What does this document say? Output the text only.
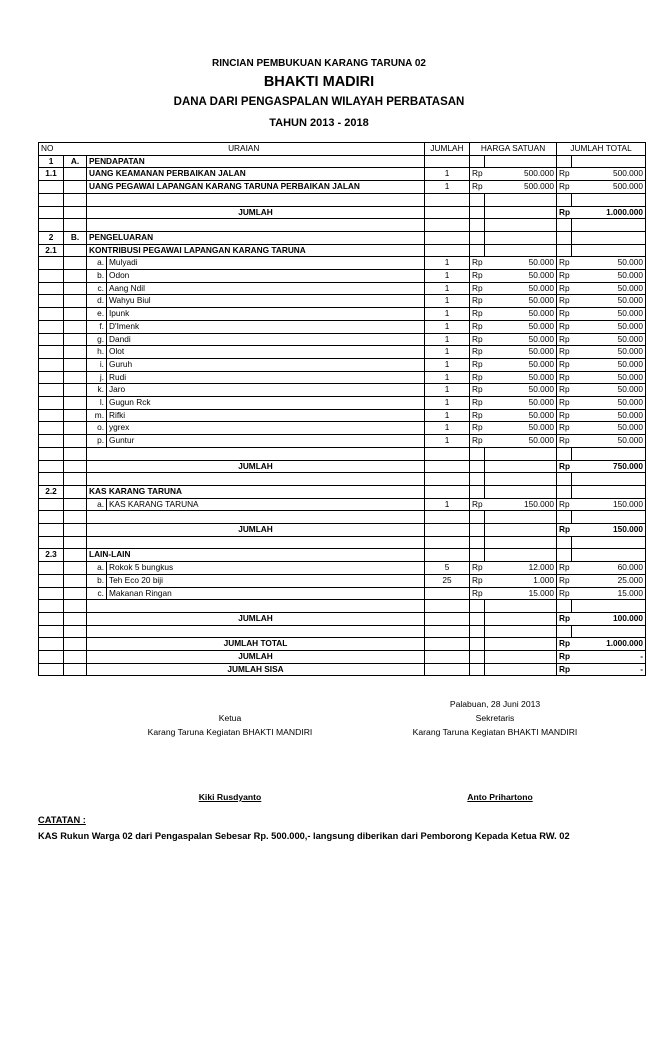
RINCIAN PEMBUKUAN KARANG TARUNA 02
BHAKTI MADIRI
DANA DARI PENGASPALAN WILAYAH PERBATASAN
TAHUN 2013 - 2018
NO	URAIAN			JUMLAH	HARGA SATUAN		JUMLAH TOTAL	
1	A.	PENDAPATAN						
1.1		UANG KEAMANAN PERBAIKAN JALAN		1	Rp	500.000	Rp	500.000
		UANG PEGAWAI LAPANGAN KARANG TARUNA PERBAIKAN JALAN		1	Rp	500.000	Rp	500.000

		JUMLAH					Rp	1.000.000

2	B.	PENGELUARAN						
2.1		KONTRIBUSI PEGAWAI LAPANGAN KARANG TARUNA						
		a.	Mulyadi	1	Rp	50.000	Rp	50.000
		b.	Odon	1	Rp	50.000	Rp	50.000
		c.	Aang Ndil	1	Rp	50.000	Rp	50.000
		d.	Wahyu Biul	1	Rp	50.000	Rp	50.000
		e.	Ipunk	1	Rp	50.000	Rp	50.000
		f.	D'Imenk	1	Rp	50.000	Rp	50.000
		g.	Dandi	1	Rp	50.000	Rp	50.000
		h.	Olot	1	Rp	50.000	Rp	50.000
		i.	Guruh	1	Rp	50.000	Rp	50.000
		j.	Rudi	1	Rp	50.000	Rp	50.000
		k.	Jaro	1	Rp	50.000	Rp	50.000
		l.	Gugun Rck	1	Rp	50.000	Rp	50.000
		m.	Rifki	1	Rp	50.000	Rp	50.000
		o.	ygrex	1	Rp	50.000	Rp	50.000
		p.	Guntur	1	Rp	50.000	Rp	50.000

		JUMLAH					Rp	750.000

2.2		KAS KARANG TARUNA						
		a.	KAS KARANG TARUNA	1	Rp	150.000	Rp	150.000

		JUMLAH					Rp	150.000

2.3		LAIN-LAIN						
		a.	Rokok 5 bungkus	5	Rp	12.000	Rp	60.000
		b.	Teh Eco 20 biji	25	Rp	1.000	Rp	25.000
		c.	Makanan Ringan		Rp	15.000	Rp	15.000

		JUMLAH					Rp	100.000

		JUMLAH TOTAL					Rp	1.000.000
		JUMLAH					Rp	-
		JUMLAH SISA					Rp	-
Palabuan, 28 Juni 2013
Ketua	Sekretaris
Karang Taruna Kegiatan BHAKTI MANDIRI	Karang Taruna Kegiatan BHAKTI MANDIRI
Kiki Rusdyanto	Anto Prihartono
CATATAN :
KAS Rukun Warga 02 dari Pengaspalan Sebesar Rp. 500.000,- langsung diberikan dari Pemborong Kepada Ketua RW. 02
